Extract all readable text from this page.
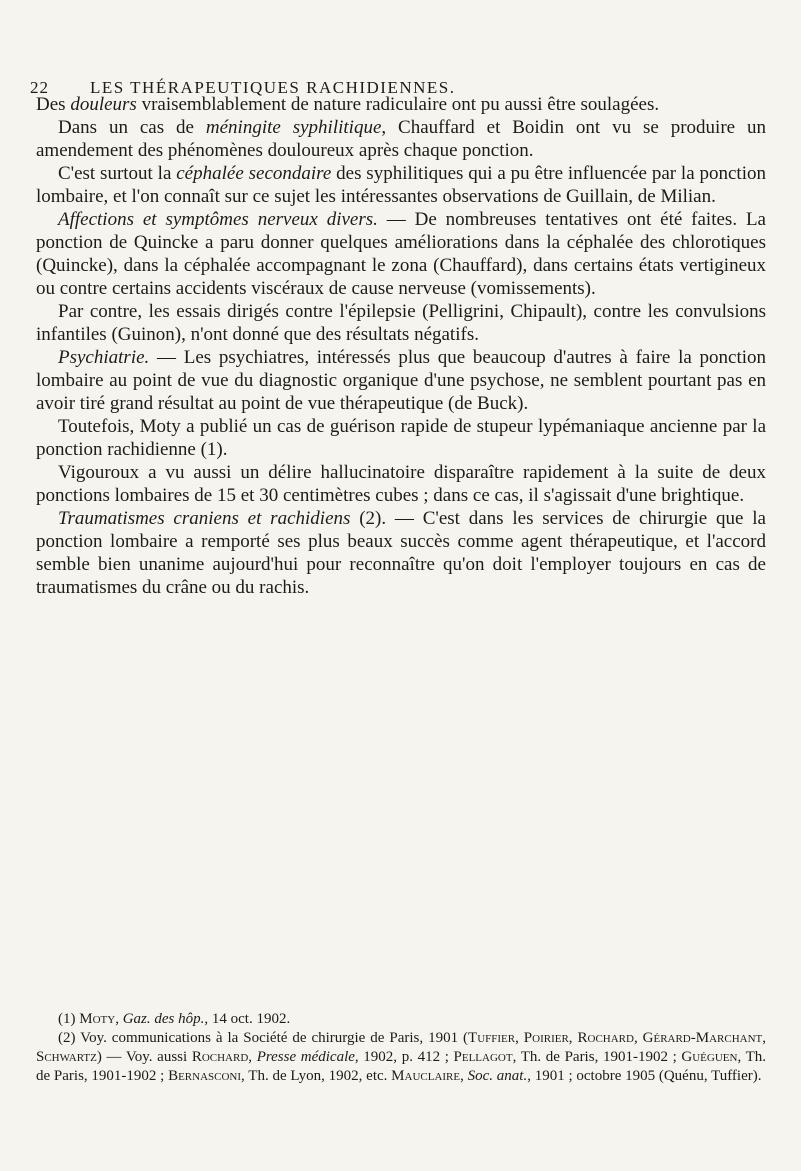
22 LES THÉRAPEUTIQUES RACHIDIENNES.

Des douleurs vraisemblablement de nature radiculaire ont pu aussi être soulagées.

Dans un cas de méningite syphilitique, Chauffard et Boidin ont vu se produire un amendement des phénomènes douloureux après chaque ponction.

C'est surtout la céphalée secondaire des syphilitiques qui a pu être influencée par la ponction lombaire, et l'on connaît sur ce sujet les intéressantes observations de Guillain, de Milian.

Affections et symptômes nerveux divers. — De nombreuses tentatives ont été faites. La ponction de Quincke a paru donner quelques améliorations dans la céphalée des chlorotiques (Quincke), dans la céphalée accompagnant le zona (Chauffard), dans certains états vertigineux ou contre certains accidents viscéraux de cause nerveuse (vomissements).

Par contre, les essais dirigés contre l'épilepsie (Pelligrini, Chipault), contre les convulsions infantiles (Guinon), n'ont donné que des résultats négatifs.

Psychiatrie. — Les psychiatres, intéressés plus que beaucoup d'autres à faire la ponction lombaire au point de vue du diagnostic organique d'une psychose, ne semblent pourtant pas en avoir tiré grand résultat au point de vue thérapeutique (de Buck).

Toutefois, Moty a publié un cas de guérison rapide de stupeur lypémaniaque ancienne par la ponction rachidienne (1).

Vigouroux a vu aussi un délire hallucinatoire disparaître rapidement à la suite de deux ponctions lombaires de 15 et 30 centimètres cubes ; dans ce cas, il s'agissait d'une brightique.

Traumatismes craniens et rachidiens (2). — C'est dans les services de chirurgie que la ponction lombaire a remporté ses plus beaux succès comme agent thérapeutique, et l'accord semble bien unanime aujourd'hui pour reconnaître qu'on doit l'employer toujours en cas de traumatismes du crâne ou du rachis.

(1) Moty, Gaz. des hôp., 14 oct. 1902.

(2) Voy. communications à la Société de chirurgie de Paris, 1901 (Tuffier, Poirier, Rochard, Gérard-Marchant, Schwartz) — Voy. aussi Rochard, Presse médicale, 1902, p. 412 ; Pellagot, Th. de Paris, 1901-1902 ; Guéguen, Th. de Paris, 1901-1902 ; Bernasconi, Th. de Lyon, 1902, etc. Mauclaire, Soc. anat., 1901 ; octobre 1905 (Quénu, Tuffier).
